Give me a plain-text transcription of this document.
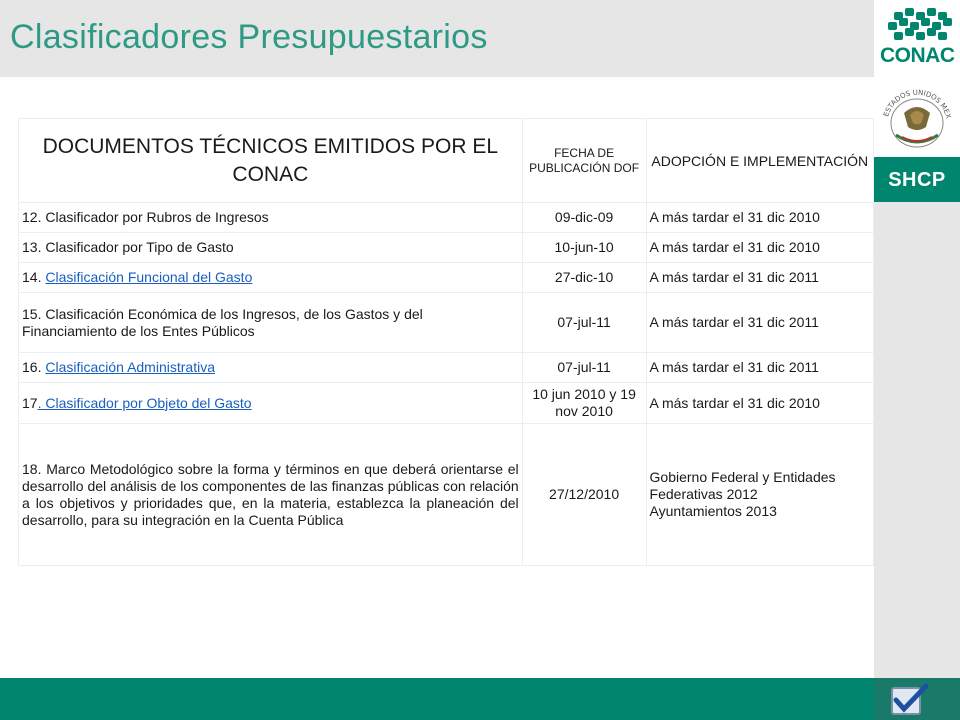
Clasificadores Presupuestarios	CONAC
ESTADOS UNIDOS MEX
SHCP
DOCUMENTOS TÉCNICOS EMITIDOS POR EL CONAC	FECHA DE PUBLICACIÓN DOF	ADOPCIÓN E IMPLEMENTACIÓN
12. Clasificador por Rubros de Ingresos	09-dic-09	A más tardar el 31 dic 2010
13. Clasificador por Tipo de Gasto	10-jun-10	A más tardar el 31 dic 2010
14. Clasificación Funcional del Gasto	27-dic-10	A más tardar el 31 dic 2011
15. Clasificación Económica de los Ingresos, de los Gastos y del Financiamiento de los Entes Públicos	07-jul-11	A más tardar el 31 dic 2011
16. Clasificación Administrativa	07-jul-11	A más tardar el 31 dic 2011
17. Clasificador por Objeto del Gasto	10 jun 2010 y 19 nov 2010	A más tardar el 31 dic 2010
18. Marco Metodológico sobre la forma y términos en que deberá orientarse el desarrollo del análisis de los componentes de las finanzas públicas con relación a los objetivos y prioridades que, en la materia, establezca la planeación del desarrollo, para su integración en la Cuenta Pública	27/12/2010	Gobierno Federal y Entidades Federativas 2012
Ayuntamientos 2013
